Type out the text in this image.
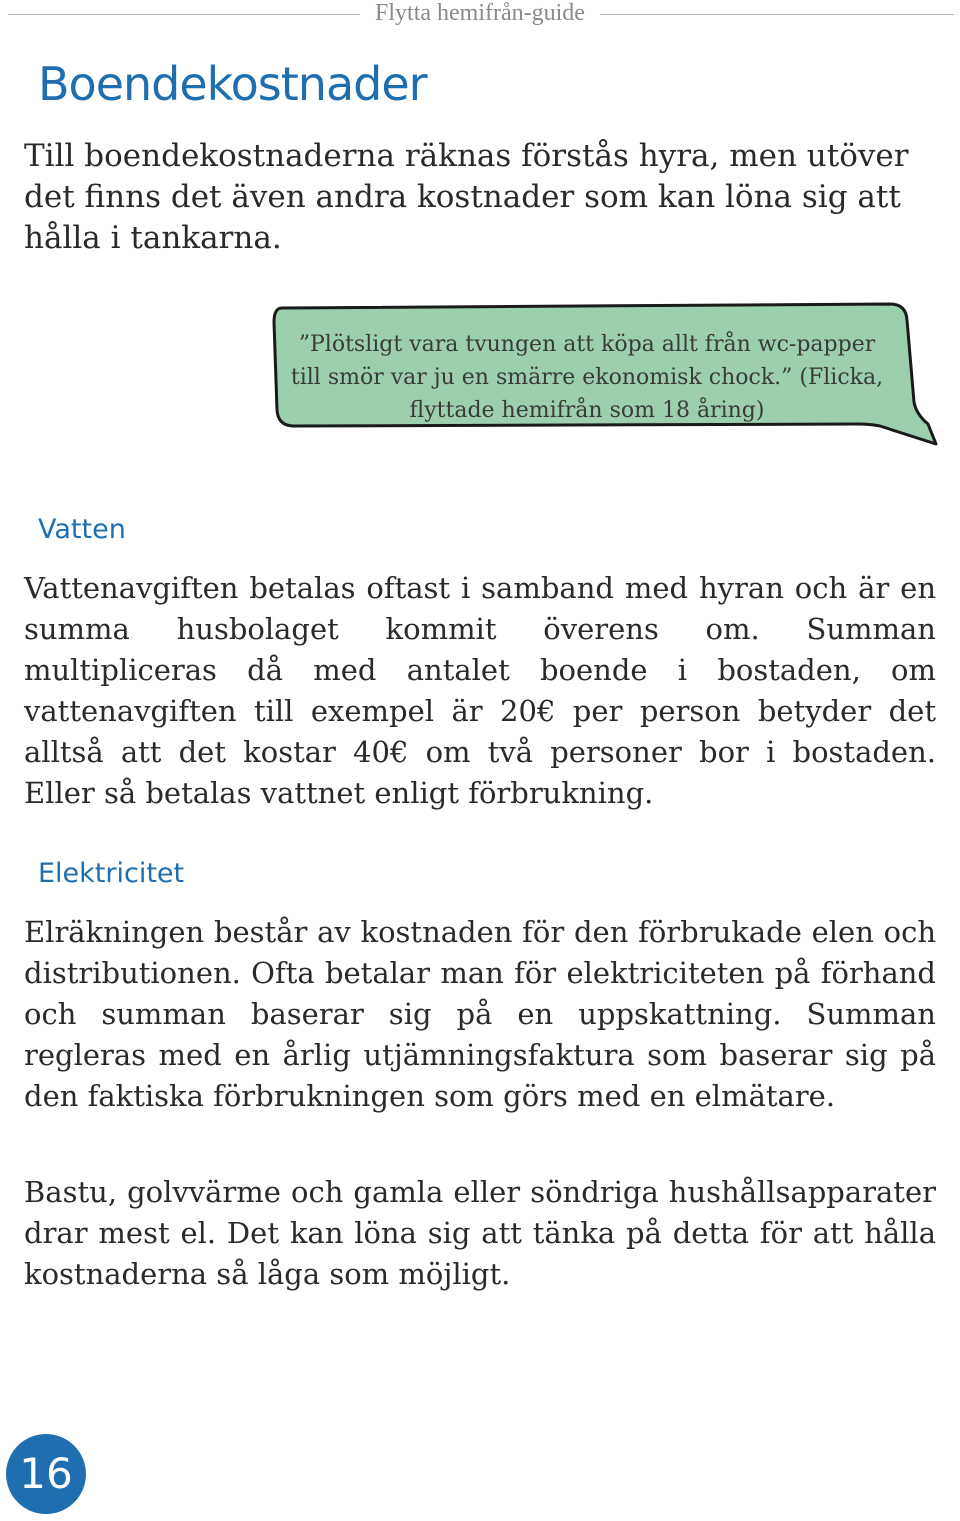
Flytta hemifrån-guide
Boendekostnader

Till boendekostnaderna räknas förstås hyra, men utöver det finns det även andra kostnader som kan löna sig att hålla i tankarna.

”Plötsligt vara tvungen att köpa allt från wc-papper till smör var ju en smärre ekonomisk chock.” (Flicka, flyttade hemifrån som 18 åring)

Vatten

Vattenavgiften betalas oftast i samband med hyran och är en summa husbolaget kommit överens om. Summan multipliceras då med antalet boende i bostaden, om vattenavgiften till exempel är 20€ per person betyder det alltså att det kostar 40€ om två personer bor i bostaden. Eller så betalas vattnet enligt förbrukning.

Elektricitet

Elräkningen består av kostnaden för den förbrukade elen och distributionen. Ofta betalar man för elektriciteten på förhand och summan baserar sig på en uppskattning. Summan regleras med en årlig utjämningsfaktura som baserar sig på den faktiska förbrukningen som görs med en elmätare.

Bastu, golvvärme och gamla eller söndriga hushållsapparater drar mest el. Det kan löna sig att tänka på detta för att hålla kostnaderna så låga som möjligt.

16
